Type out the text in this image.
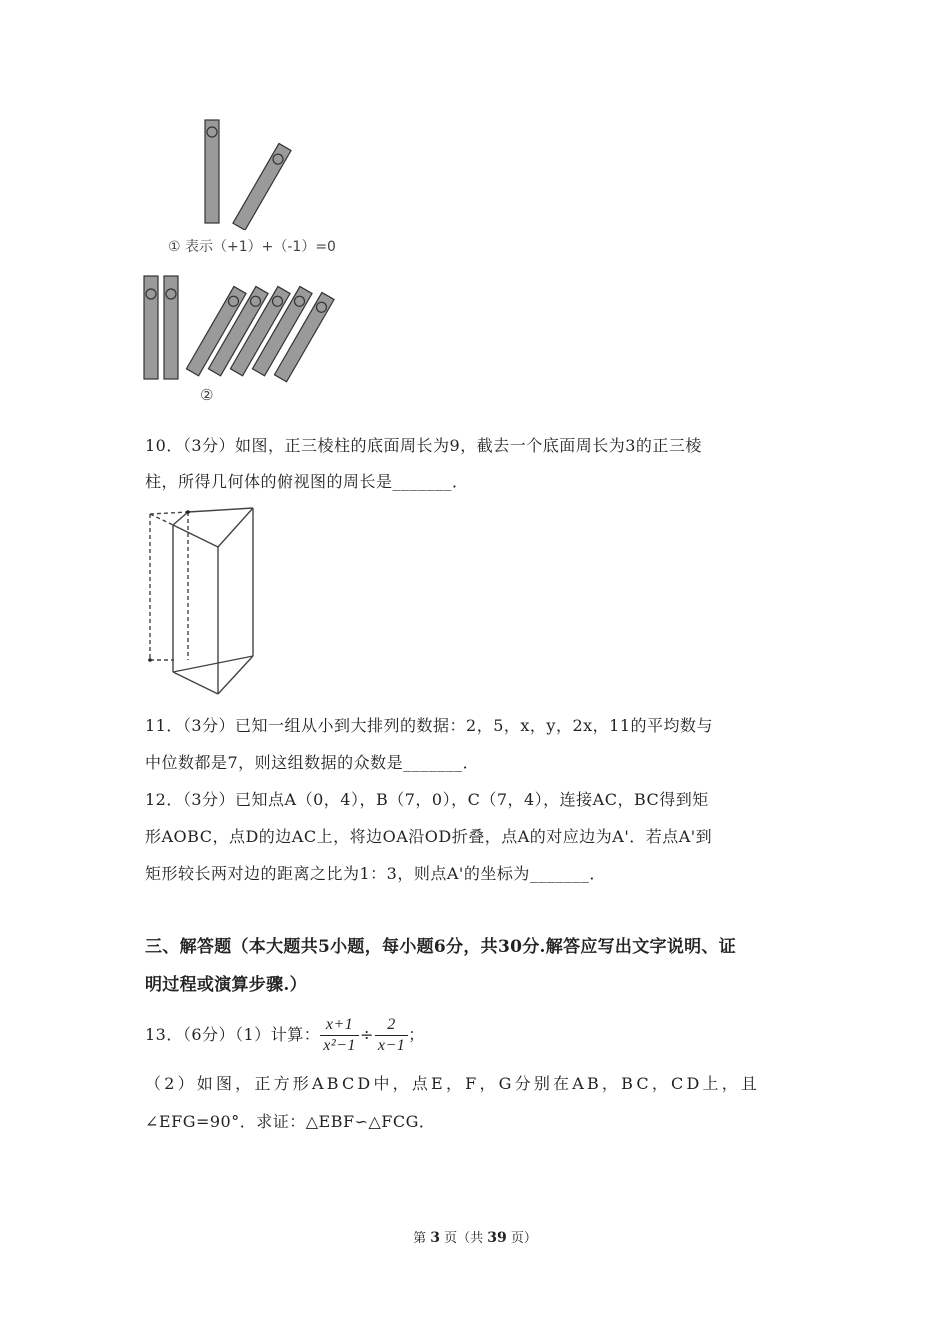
① 表示（+1）+（-1）=0
②
10．（3分）如图，正三棱柱的底面周长为9，截去一个底面周长为3的正三棱
柱，所得几何体的俯视图的周长是_______．
11．（3分）已知一组从小到大排列的数据：2，5，x，y，2x，11的平均数与
中位数都是7，则这组数据的众数是_______．
12．（3分）已知点A（0，4），B（7，0），C（7，4），连接AC，BC得到矩
形AOBC，点D的边AC上，将边OA沿OD折叠，点A的对应边为A'．若点A'到
矩形较长两对边的距离之比为1：3，则点A'的坐标为_______．
三、解答题（本大题共5小题，每小题6分，共30分.解答应写出文字说明、证
明过程或演算步骤.）
13．（6分）（1）计算： $\frac{x+1}{\text{x²−1}} \div \frac{2}{x-1}$ ；
（2）如图，正方形ABCD中，点E，F，G分别在AB，BC，CD上，且
∠EFG=90°．求证：△EBF∽△FCG．
第 3 页（共 39 页）
